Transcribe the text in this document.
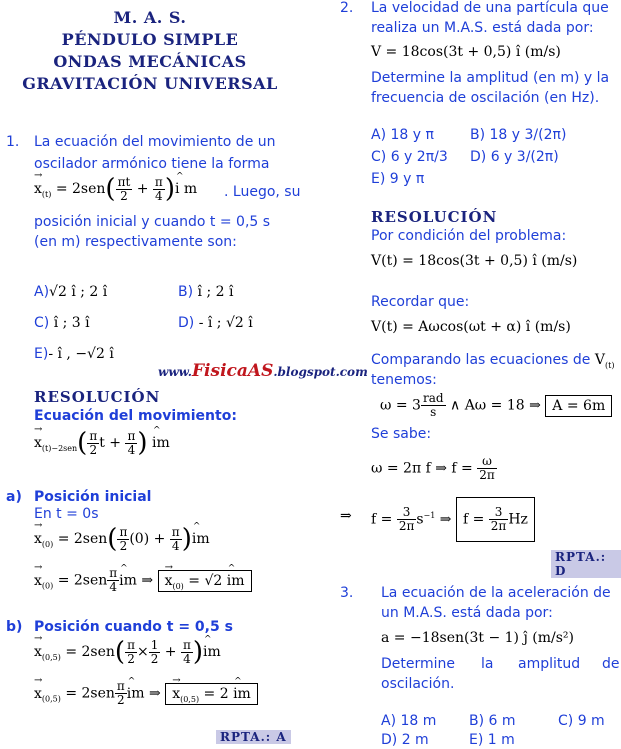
M. A. S.
PÉNDULO SIMPLE
ONDAS MECÁNICAS
GRAVITACIÓN UNIVERSAL
1. La ecuación del movimiento de un
oscilador armónico tiene la forma
→ $x_{(t)} = 2sen( \frac{\pi t}{2} + \frac{\pi}{4}$ )^ i m . Luego, su
posición inicial y cuando t = 0,5 s
(en m) respectivamente son:
A)√2 î ; 2 î	B) î ; 2 î
C) î ; 3 î	D) - î ; √2 î
E)- î , −√2 î
www.FisicaAS.blogspot.com
RESOLUCIÓN
Ecuación del movimiento:
→ $x_{(t)-2sen}( \frac{\pi}{2}$ $t + \frac{\pi}{4}$ ) ^ im
a) Posición inicial
En t = 0s
→ $x_{(0)} = 2sen( \frac{\pi}{2} (0) + \frac{\pi}{4}$ )^ im
→ $x_{(0)} = 2sen \frac{\pi}{4}$ ^ im ⇒ → $x_{(0)} = √2$ ^ im
b) Posición cuando t = 0,5 s
→ $x_{(0,5)} = 2sen( \frac{\pi}{2} \times \frac{1}{2} + \frac{\pi}{4}$ )^ im
→ $x_{(0,5)} = 2sen \frac{\pi}{2}$ ^ im ⇒ → $x_{(0,5)} = 2$ ^ im
RPTA.: A
2. La velocidad de una partícula que
realiza un M.A.S. está dada por:
V = 18cos(3t + 0,5) î (m/s)
Determine la amplitud (en m) y la
frecuencia de oscilación (en Hz).
A) 18 y π	B) 18 y 3/(2π)
C) 6 y 2π/3 D) 6 y 3/(2π)
E) 9 y π
RESOLUCIÓN
Por condición del problema:
V(t) = 18cos(3t + 0,5) î (m/s)
Recordar que:
V(t) = Aωcos(ωt + α) î (m/s)
Comparando las ecuaciones de $V_{(t)}$
tenemos:
$\omega = 3 \frac{\text{rad}}{s}$ ∧ Aω = 18 ⇒ A = 6m
Se sabe:
ω = 2π f ⇒ $f = \frac{\omega}{2\pi}$
⇒ $f = \frac{3}{2\pi} s^{-1}$ ⇒ $f = \frac{3}{2\pi}$ Hz
RPTA.: D
3. La ecuación de la aceleración de
un M.A.S. está dada por:
a = −18sen(3t − 1) ĵ (m/s²)
Determine la amplitud de
oscilación.
A) 18 m B) 6 m	C) 9 m
D) 2 m	E) 1 m
